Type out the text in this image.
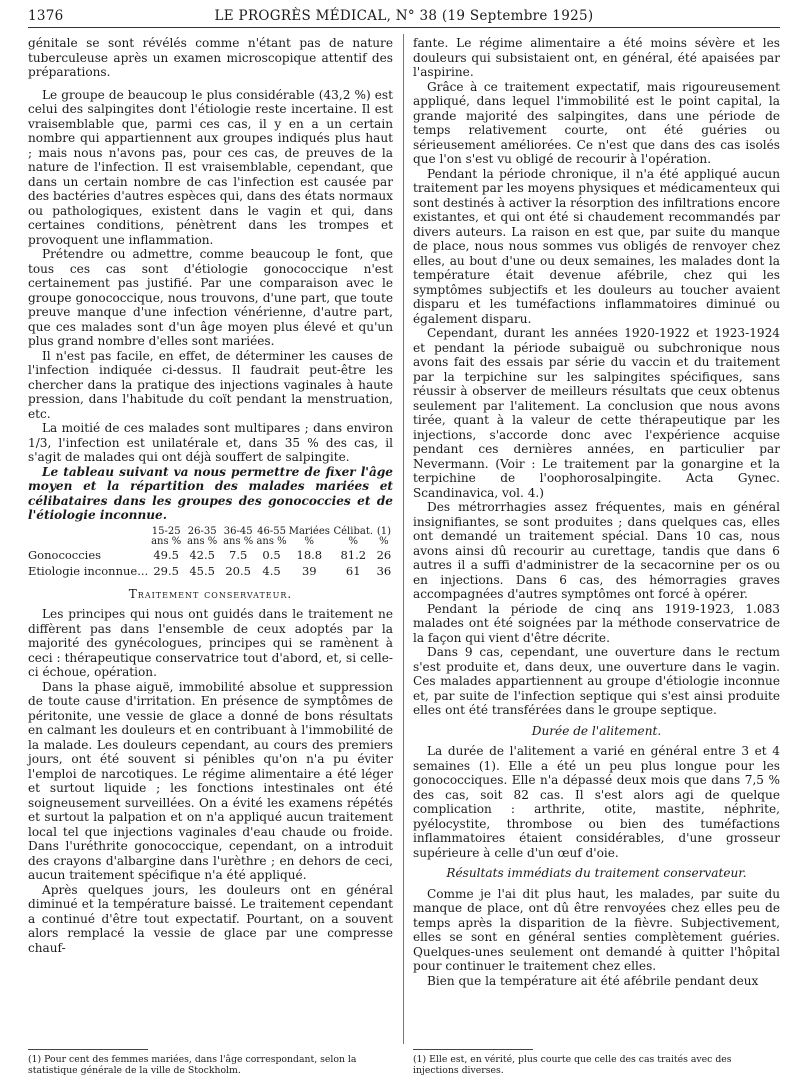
1376	LE PROGRÈS MÉDICAL, N° 38 (19 Septembre 1925)

génitale se sont révélés comme n'étant pas de nature tuberculeuse après un examen microscopique attentif des préparations.

Le groupe de beaucoup le plus considérable (43,2 %) est celui des salpingites dont l'étiologie reste incertaine. Il est vraisemblable que, parmi ces cas, il y en a un certain nombre qui appartiennent aux groupes indiqués plus haut ; mais nous n'avons pas, pour ces cas, de preuves de la nature de l'infection. Il est vraisemblable, cependant, que dans un certain nombre de cas l'infection est causée par des bactéries d'autres espèces qui, dans des états normaux ou pathologiques, existent dans le vagin et qui, dans certaines conditions, pénètrent dans les trompes et provoquent une inflammation.

Prétendre ou admettre, comme beaucoup le font, que tous ces cas sont d'étiologie gonococcique n'est certainement pas justifié. Par une comparaison avec le groupe gonococcique, nous trouvons, d'une part, que toute preuve manque d'une infection vénérienne, d'autre part, que ces malades sont d'un âge moyen plus élevé et qu'un plus grand nombre d'elles sont mariées.

Il n'est pas facile, en effet, de déterminer les causes de l'infection indiquée ci-dessus. Il faudrait peut-être les chercher dans la pratique des injections vaginales à haute pression, dans l'habitude du coït pendant la menstruation, etc.

La moitié de ces malades sont multipares ; dans environ 1/3, l'infection est unilatérale et, dans 35 % des cas, il s'agit de malades qui ont déjà souffert de salpingite.

Le tableau suivant va nous permettre de fixer l'âge moyen et la répartition des malades mariées et célibataires dans les groupes des gonococcies et de l'étiologie inconnue.

	15-25 ans %	26-35 ans %	36-45 ans %	46-55 ans %	Mariées %	Célibat. %	(1) %
Gonococcies	49.5	42.5	7.5	0.5	18.8	81.2	26
Etiologie inconnue...	29.5	45.5	20.5	4.5	39	61	36
Traitement conservateur.

Les principes qui nous ont guidés dans le traitement ne diffèrent pas dans l'ensemble de ceux adoptés par la majorité des gynécologues, principes qui se ramènent à ceci : thérapeutique conservatrice tout d'abord, et, si celle-ci échoue, opération.

Dans la phase aiguë, immobilité absolue et suppression de toute cause d'irritation. En présence de symptômes de péritonite, une vessie de glace a donné de bons résultats en calmant les douleurs et en contribuant à l'immobilité de la malade. Les douleurs cependant, au cours des premiers jours, ont été souvent si pénibles qu'on n'a pu éviter l'emploi de narcotiques. Le régime alimentaire a été léger et surtout liquide ; les fonctions intestinales ont été soigneusement surveillées. On a évité les examens répétés et surtout la palpation et on n'a appliqué aucun traitement local tel que injections vaginales d'eau chaude ou froide. Dans l'uréthrite gonococcique, cependant, on a introduit des crayons d'albargine dans l'urèthre ; en dehors de ceci, aucun traitement spécifique n'a été appliqué.

Après quelques jours, les douleurs ont en général diminué et la température baissé. Le traitement cependant a continué d'être tout expectatif. Pourtant, on a souvent alors remplacé la vessie de glace par une compresse chauf-

fante. Le régime alimentaire a été moins sévère et les douleurs qui subsistaient ont, en général, été apaisées par l'aspirine.

Grâce à ce traitement expectatif, mais rigoureusement appliqué, dans lequel l'immobilité est le point capital, la grande majorité des salpingites, dans une période de temps relativement courte, ont été guéries ou sérieusement améliorées. Ce n'est que dans des cas isolés que l'on s'est vu obligé de recourir à l'opération.

Pendant la période chronique, il n'a été appliqué aucun traitement par les moyens physiques et médicamenteux qui sont destinés à activer la résorption des infiltrations encore existantes, et qui ont été si chaudement recommandés par divers auteurs. La raison en est que, par suite du manque de place, nous nous sommes vus obligés de renvoyer chez elles, au bout d'une ou deux semaines, les malades dont la température était devenue afébrile, chez qui les symptômes subjectifs et les douleurs au toucher avaient disparu et les tuméfactions inflammatoires diminué ou également disparu.

Cependant, durant les années 1920-1922 et 1923-1924 et pendant la période subaiguë ou subchronique nous avons fait des essais par série du vaccin et du traitement par la terpichine sur les salpingites spécifiques, sans réussir à observer de meilleurs résultats que ceux obtenus seulement par l'alitement. La conclusion que nous avons tirée, quant à la valeur de cette thérapeutique par les injections, s'accorde donc avec l'expérience acquise pendant ces dernières années, en particulier par Nevermann. (Voir : Le traitement par la gonargine et la terpichine de l'oophorosalpingite. Acta Gynec. Scandinavica, vol. 4.)

Des métrorrhagies assez fréquentes, mais en général insignifiantes, se sont produites ; dans quelques cas, elles ont demandé un traitement spécial. Dans 10 cas, nous avons ainsi dû recourir au curettage, tandis que dans 6 autres il a suffi d'administrer de la secacornine per os ou en injections. Dans 6 cas, des hémorragies graves accompagnées d'autres symptômes ont forcé à opérer.

Pendant la période de cinq ans 1919-1923, 1.083 malades ont été soignées par la méthode conservatrice de la façon qui vient d'être décrite.

Dans 9 cas, cependant, une ouverture dans le rectum s'est produite et, dans deux, une ouverture dans le vagin. Ces malades appartiennent au groupe d'étiologie inconnue et, par suite de l'infection septique qui s'est ainsi produite elles ont été transférées dans le groupe septique.

Durée de l'alitement.

La durée de l'alitement a varié en général entre 3 et 4 semaines (1). Elle a été un peu plus longue pour les gonococciques. Elle n'a dépassé deux mois que dans 7,5 % des cas, soit 82 cas. Il s'est alors agi de quelque complication : arthrite, otite, mastite, néphrite, pyélocystite, thrombose ou bien des tuméfactions inflammatoires étaient considérables, d'une grosseur supérieure à celle d'un œuf d'oie.

Résultats immédiats du traitement conservateur.

Comme je l'ai dit plus haut, les malades, par suite du manque de place, ont dû être renvoyées chez elles peu de temps après la disparition de la fièvre. Subjectivement, elles se sont en général senties complètement guéries. Quelques-unes seulement ont demandé à quitter l'hôpital pour continuer le traitement chez elles.

Bien que la température ait été afébrile pendant deux

(1) Pour cent des femmes mariées, dans l'âge correspondant, selon la statistique générale de la ville de Stockholm.
(1) Elle est, en vérité, plus courte que celle des cas traités avec des injections diverses.
